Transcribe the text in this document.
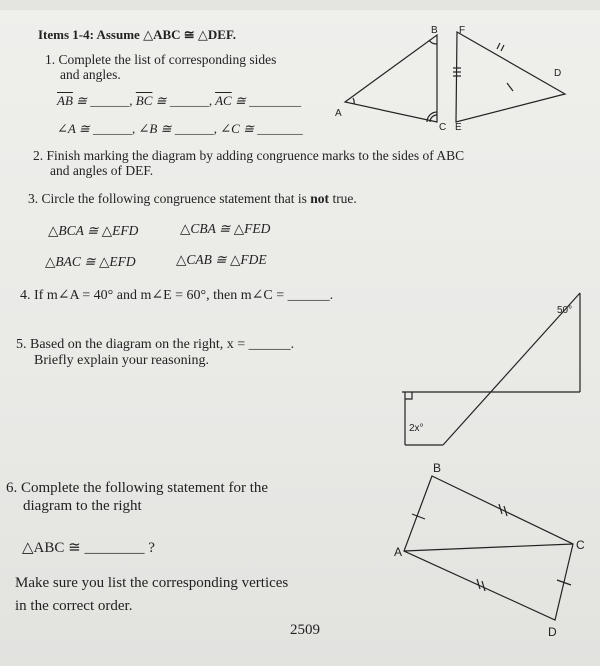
Items 1-4: Assume △ABC ≅ △DEF.
1. Complete the list of corresponding sides
and angles.
$\overline{AB}$ ≅ ______, $\overline{BC}$ ≅ ______, $\overline{AC}$ ≅ ________
∠A ≅ ______, ∠B ≅ ______, ∠C ≅ _______
A
B
C
F
D
E
2. Finish marking the diagram by adding congruence marks to the sides of ABC
and angles of DEF.
3. Circle the following congruence statement that is not true.
△BCA ≅ △EFD	△CBA ≅ △FED
△BAC ≅ △EFD	△CAB ≅ △FDE
4. If m∠A = 40° and m∠E = 60°, then m∠C = ______.
5. Based on the diagram on the right, x = ______.
Briefly explain your reasoning.
50°
2x°
6. Complete the following statement for the
diagram to the right
△ABC ≅ ________ ?
Make sure you list the corresponding vertices
in the correct order.
B
A	C
D
2509
